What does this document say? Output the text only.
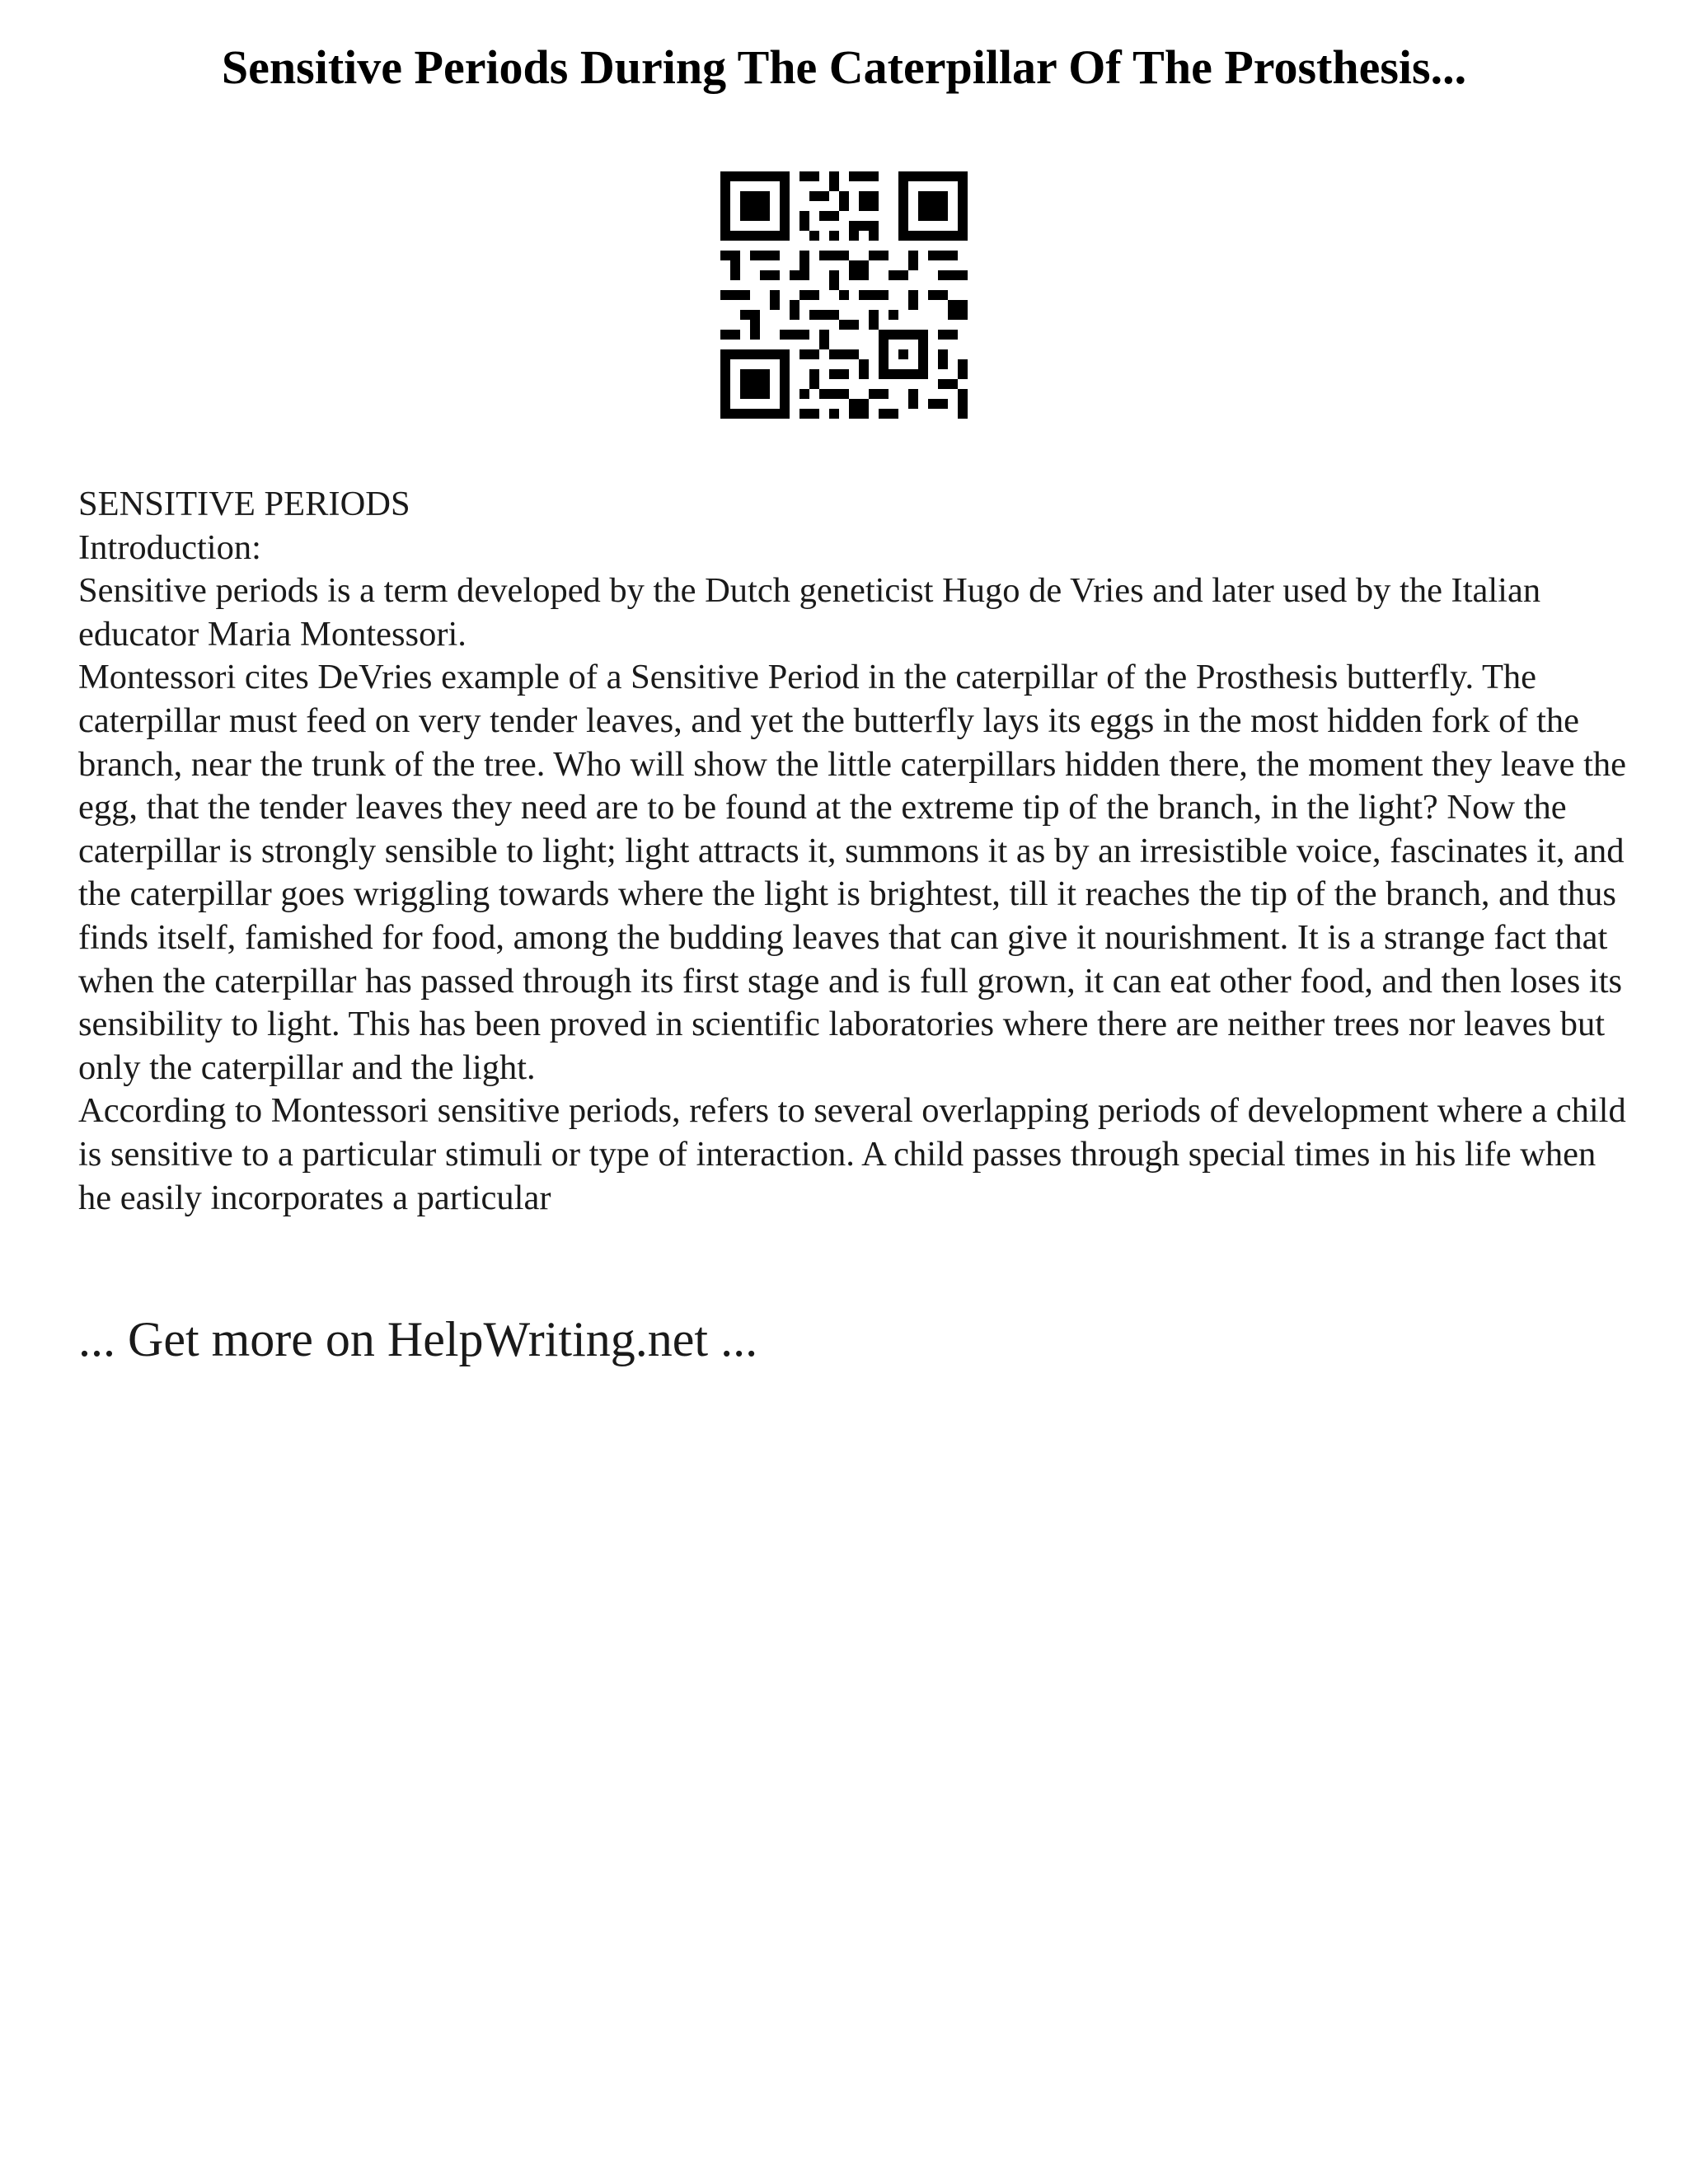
Sensitive Periods During The Caterpillar Of The Prosthesis...

SENSITIVE PERIODS

Introduction:

Sensitive periods is a term developed by the Dutch geneticist Hugo de Vries and later used by the Italian educator Maria Montessori.

Montessori cites DeVries example of a Sensitive Period in the caterpillar of the Prosthesis butterfly. The caterpillar must feed on very tender leaves, and yet the butterfly lays its eggs in the most hidden fork of the branch, near the trunk of the tree. Who will show the little caterpillars hidden there, the moment they leave the egg, that the tender leaves they need are to be found at the extreme tip of the branch, in the light? Now the caterpillar is strongly sensible to light; light attracts it, summons it as by an irresistible voice, fascinates it, and the caterpillar goes wriggling towards where the light is brightest, till it reaches the tip of the branch, and thus finds itself, famished for food, among the budding leaves that can give it nourishment. It is a strange fact that when the caterpillar has passed through its first stage and is full grown, it can eat other food, and then loses its sensibility to light. This has been proved in scientific laboratories where there are neither trees nor leaves but only the caterpillar and the light.

According to Montessori sensitive periods, refers to several overlapping periods of development where a child is sensitive to a particular stimuli or type of interaction. A child passes through special times in his life when he easily incorporates a particular

... Get more on HelpWriting.net ...
